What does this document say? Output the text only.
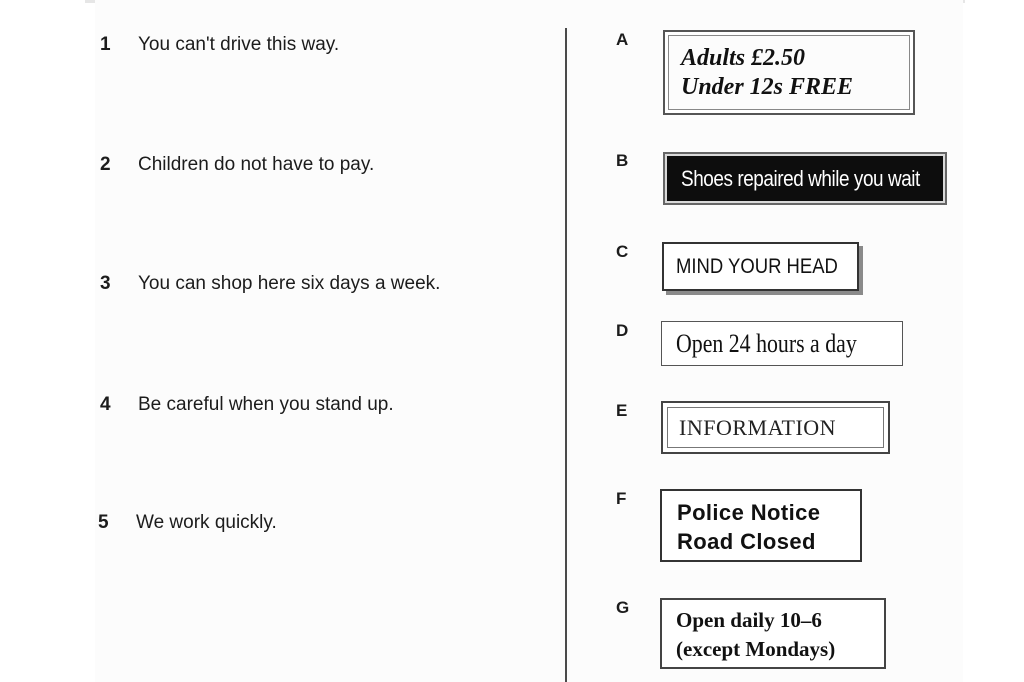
1 You can't drive this way.
2 Children do not have to pay.
3 You can shop here six days a week.
4 Be careful when you stand up.
5 We work quickly.
A
B
C
D
E
F
G
Adults £2.50
Under 12s FREE
Shoes repaired while you wait
MIND YOUR HEAD
Open 24 hours a day
INFORMATION
Police Notice
Road Closed
Open daily 10–6
(except Mondays)
